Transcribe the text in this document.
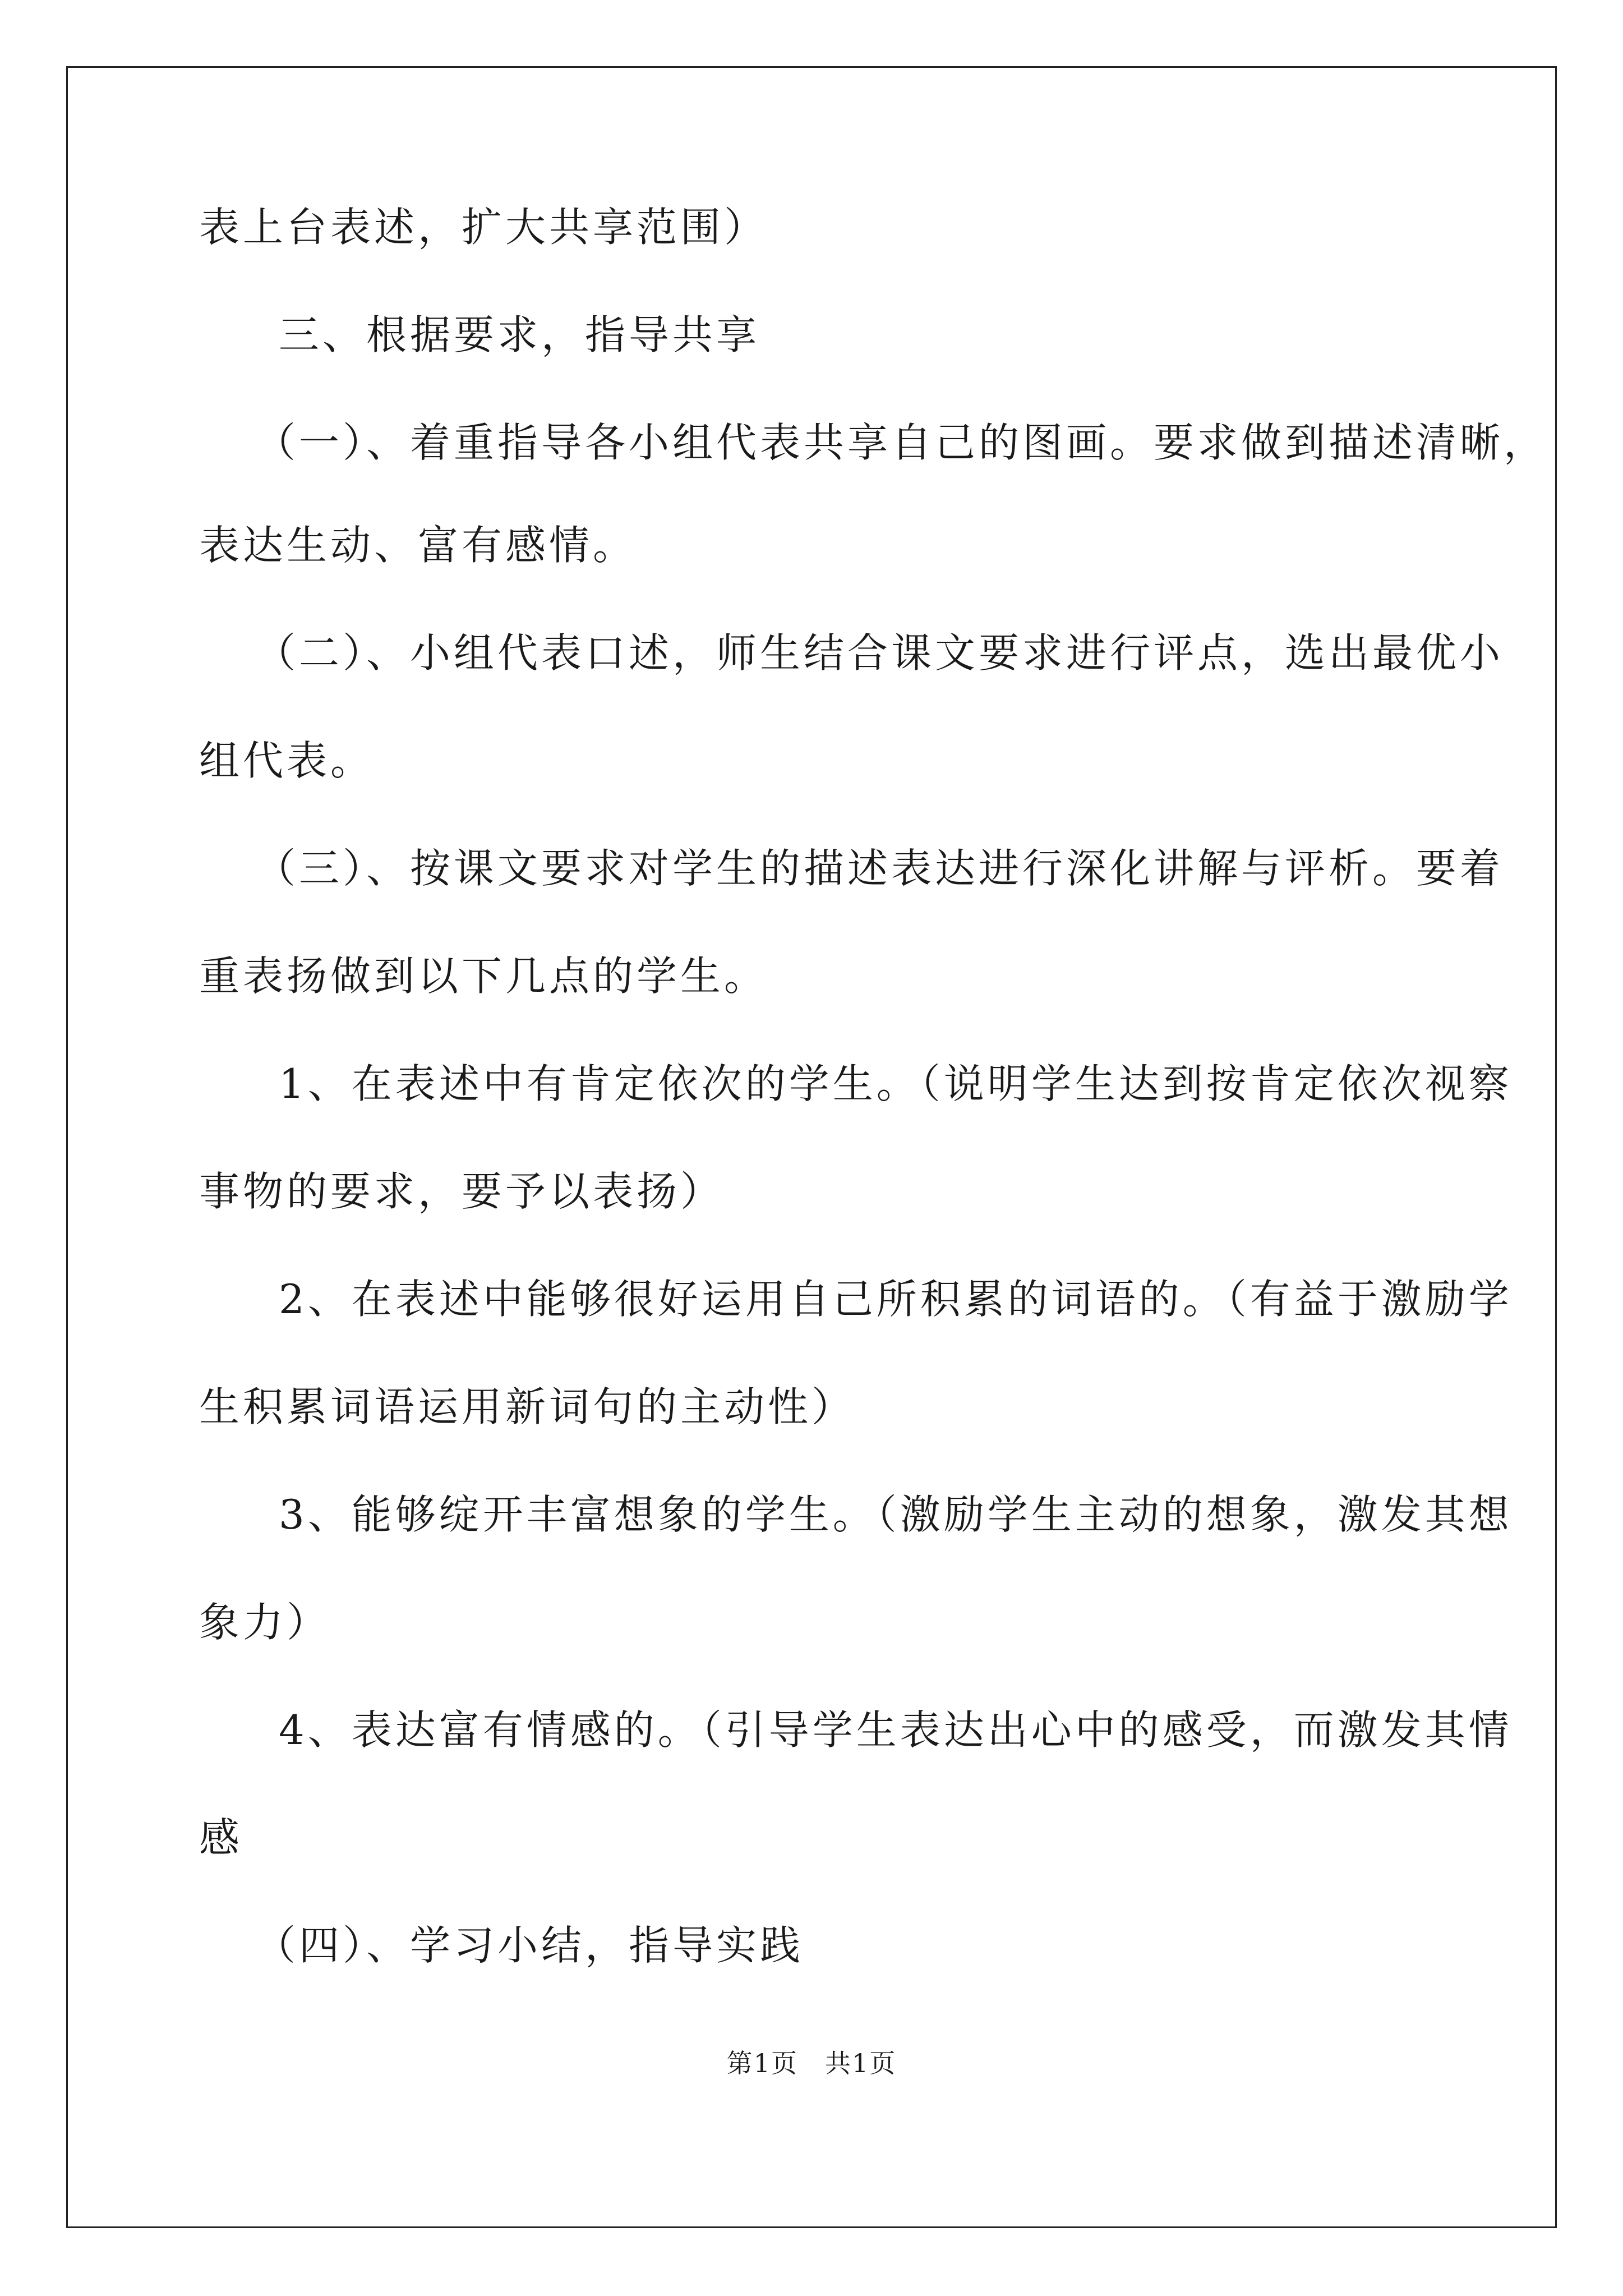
表上台表述，扩大共享范围）
三、根据要求，指导共享
（一）、着重指导各小组代表共享自己的图画。要求做到描述清晰，
表达生动、富有感情。
（二）、小组代表口述，师生结合课文要求进行评点，选出最优小
组代表。
（三）、按课文要求对学生的描述表达进行深化讲解与评析。要着
重表扬做到以下几点的学生。
1、在表述中有肯定依次的学生。（说明学生达到按肯定依次视察
事物的要求，要予以表扬）
2、在表述中能够很好运用自己所积累的词语的。（有益于激励学
生积累词语运用新词句的主动性）
3、能够绽开丰富想象的学生。（激励学生主动的想象，激发其想
象力）
4、表达富有情感的。（引导学生表达出心中的感受，而激发其情
感
（四）、学习小结，指导实践
第1页　共1页
